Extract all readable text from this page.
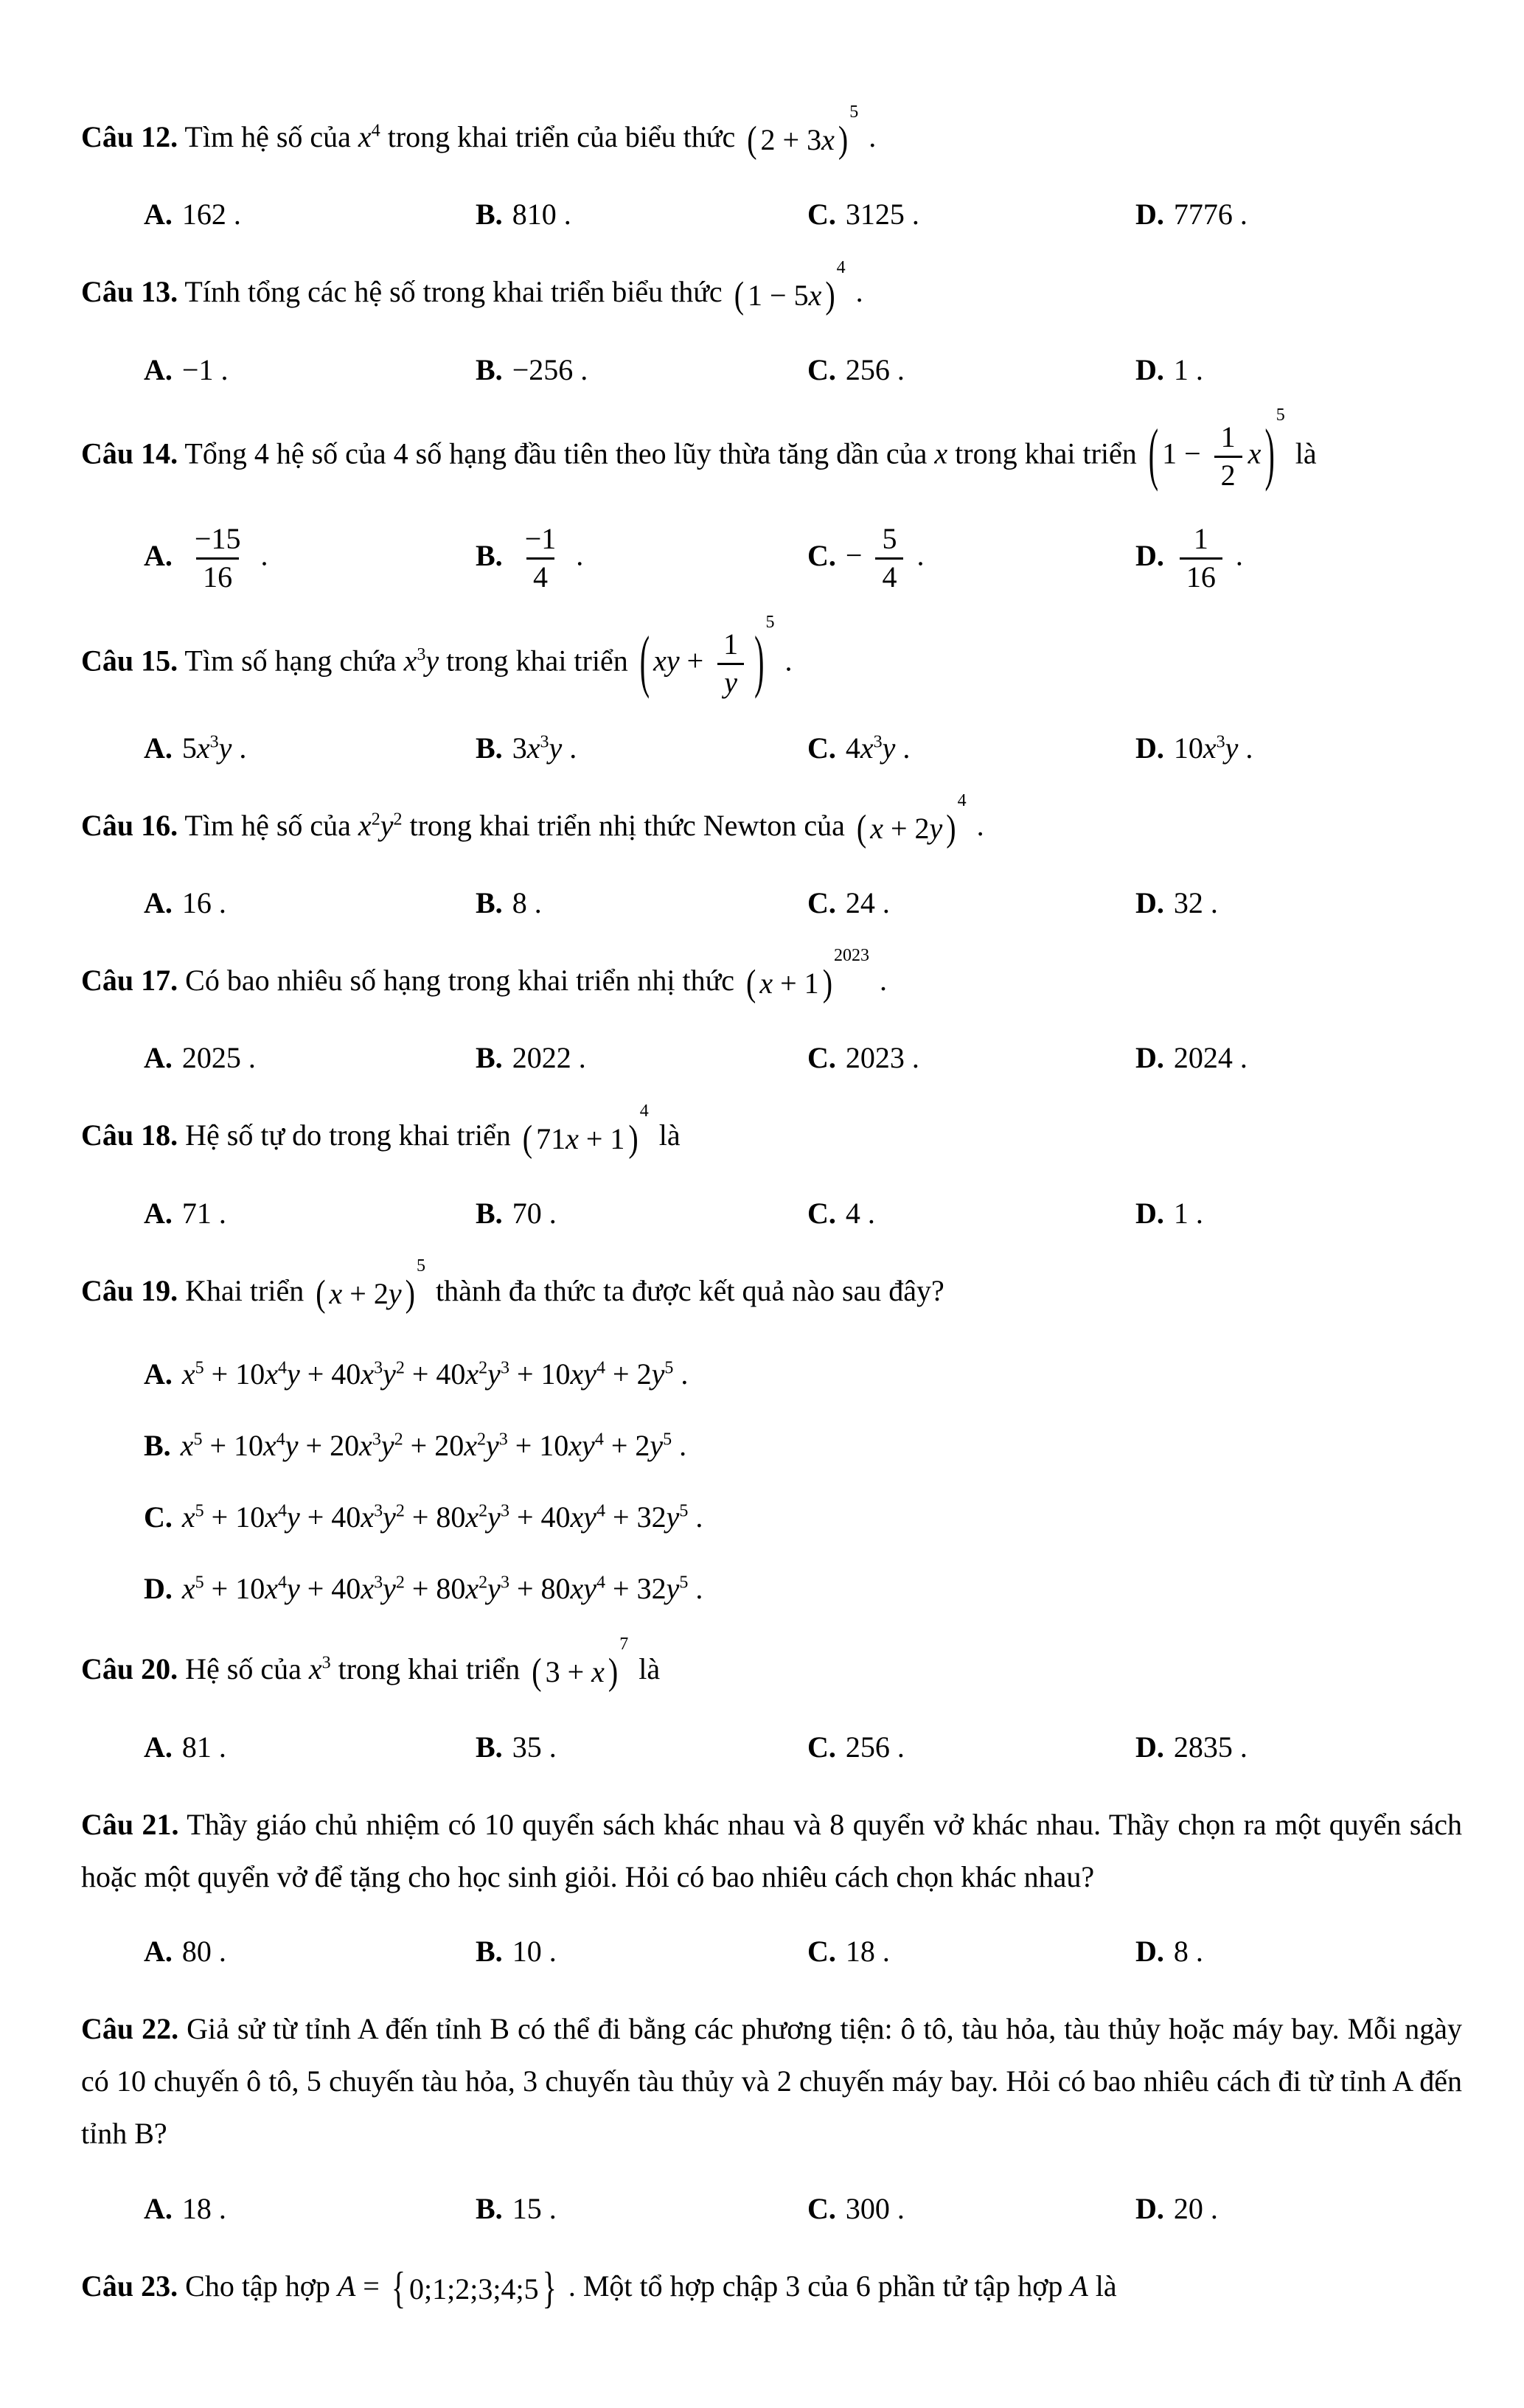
Câu 12. Tìm hệ số của $x^4$ trong khai triển của biểu thức ( 2 + 3x )
$^5$
.

A. 162 .	B. 810 .	C. 3125 .	D. 7776 .

Câu 13. Tính tổng các hệ số trong khai triển biểu thức ( 1 − 5x )
$^4$
.

A. −1 .	B. −256 .	C. 256 .	D. 1 .

Câu 14. Tổng 4 hệ số của 4 số hạng đầu tiên theo lũy thừa tăng dần của x trong khai triển ( $1 - \frac{1}{2}$ x )$^5$
là

A. $\frac{-15}{16}$ .	B. $\frac{-1}{4}$ .	C. − $\frac{5}{4}$ .	D. $\frac{1}{16}$ .

Câu 15. Tìm số hạng chứa $x^3y$ trong khai triển ( xy + $\frac{1}{y} )^5$
.

A. $5x^3y$ .	B. $3x^3y$ .	C. $4x^3y$ .	D. $10x^3y$ .

Câu 16. Tìm hệ số của $x^2y^2$ trong khai triển nhị thức Newton của ( x + 2y )
$^4$
.

A. 16 .	B. 8 .	C. 24 .	D. 32 .

Câu 17. Có bao nhiêu số hạng trong khai triển nhị thức ( x + 1 )
$^{2023}$
.

A. 2025 .	B. 2022 .	C. 2023 .	D. 2024 .

Câu 18. Hệ số tự do trong khai triển ( 71x + 1 )
$^4$
là

A. 71 .	B. 70 .	C. 4 .	D. 1 .

Câu 19. Khai triển ( x + 2y )
$^5$
thành đa thức ta được kết quả nào sau đây?

A. $x^5 + 10x^4y + 40x^3y^2 + 40x^2y^3 + 10xy^4 + 2y^5$ .
B. $x^5 + 10x^4y + 20x^3y^2 + 20x^2y^3 + 10xy^4 + 2y^5$ .
C. $x^5 + 10x^4y + 40x^3y^2 + 80x^2y^3 + 40xy^4 + 32y^5$ .
D. $x^5 + 10x^4y + 40x^3y^2 + 80x^2y^3 + 80xy^4 + 32y^5$ .

Câu 20. Hệ số của $x^3$ trong khai triển ( 3 + x )
$^7$
là

A. 81 .	B. 35 .	C. 256 .	D. 2835 .

Câu 21. Thầy giáo chủ nhiệm có 10 quyển sách khác nhau và 8 quyển vở khác nhau. Thầy chọn ra một quyển sách hoặc một quyển vở để tặng cho học sinh giỏi. Hỏi có bao nhiêu cách chọn khác nhau?

A. 80 .	B. 10 .	C. 18 .	D. 8 .

Câu 22. Giả sử từ tỉnh A đến tỉnh B có thể đi bằng các phương tiện: ô tô, tàu hỏa, tàu thủy hoặc máy bay. Mỗi ngày có 10 chuyến ô tô, 5 chuyến tàu hỏa, 3 chuyến tàu thủy và 2 chuyến máy bay. Hỏi có bao nhiêu cách đi từ tỉnh A đến tỉnh B?

A. 18 .	B. 15 .	C. 300 .	D. 20 .

Câu 23. Cho tập hợp A = { 0;1;2;3;4;5 } . Một tổ hợp chập 3 của 6 phần tử tập hợp A là
